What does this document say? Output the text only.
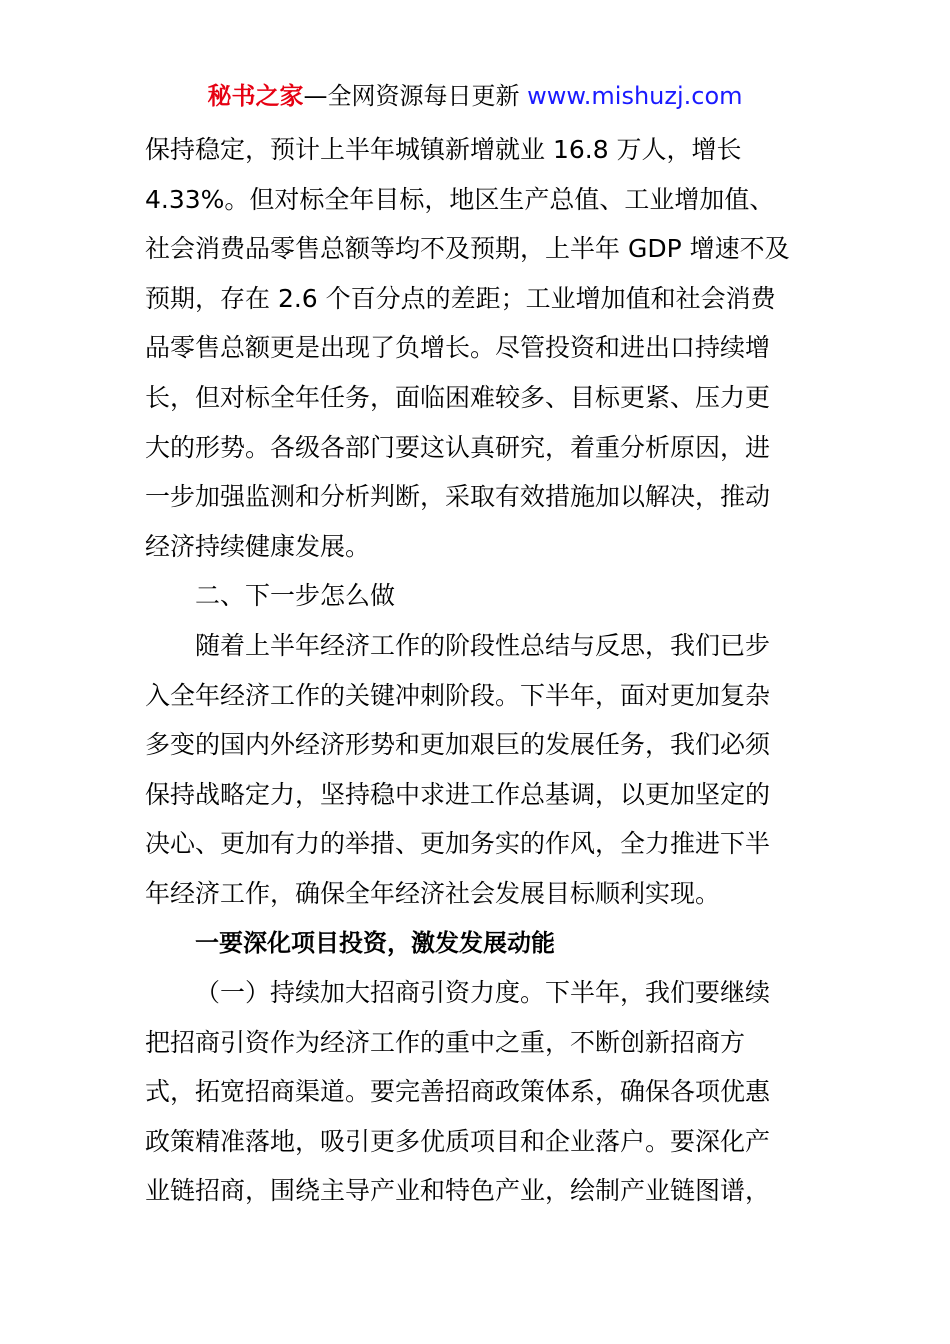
秘书之家—全网资源每日更新 www.mishuzj.com
保持稳定，预计上半年城镇新增就业 16.8 万人，增长
4.33%。但对标全年目标，地区生产总值、工业增加值、
社会消费品零售总额等均不及预期，上半年 GDP 增速不及
预期，存在 2.6 个百分点的差距；工业增加值和社会消费
品零售总额更是出现了负增长。尽管投资和进出口持续增
长，但对标全年任务，面临困难较多、目标更紧、压力更
大的形势。各级各部门要这认真研究，着重分析原因，进
一步加强监测和分析判断，采取有效措施加以解决，推动
经济持续健康发展。
二、下一步怎么做
随着上半年经济工作的阶段性总结与反思，我们已步
入全年经济工作的关键冲刺阶段。下半年，面对更加复杂
多变的国内外经济形势和更加艰巨的发展任务，我们必须
保持战略定力，坚持稳中求进工作总基调，以更加坚定的
决心、更加有力的举措、更加务实的作风，全力推进下半
年经济工作，确保全年经济社会发展目标顺利实现。
一要深化项目投资，激发发展动能
（一）持续加大招商引资力度。下半年，我们要继续
把招商引资作为经济工作的重中之重，不断创新招商方
式，拓宽招商渠道。要完善招商政策体系，确保各项优惠
政策精准落地，吸引更多优质项目和企业落户。要深化产
业链招商，围绕主导产业和特色产业，绘制产业链图谱，
